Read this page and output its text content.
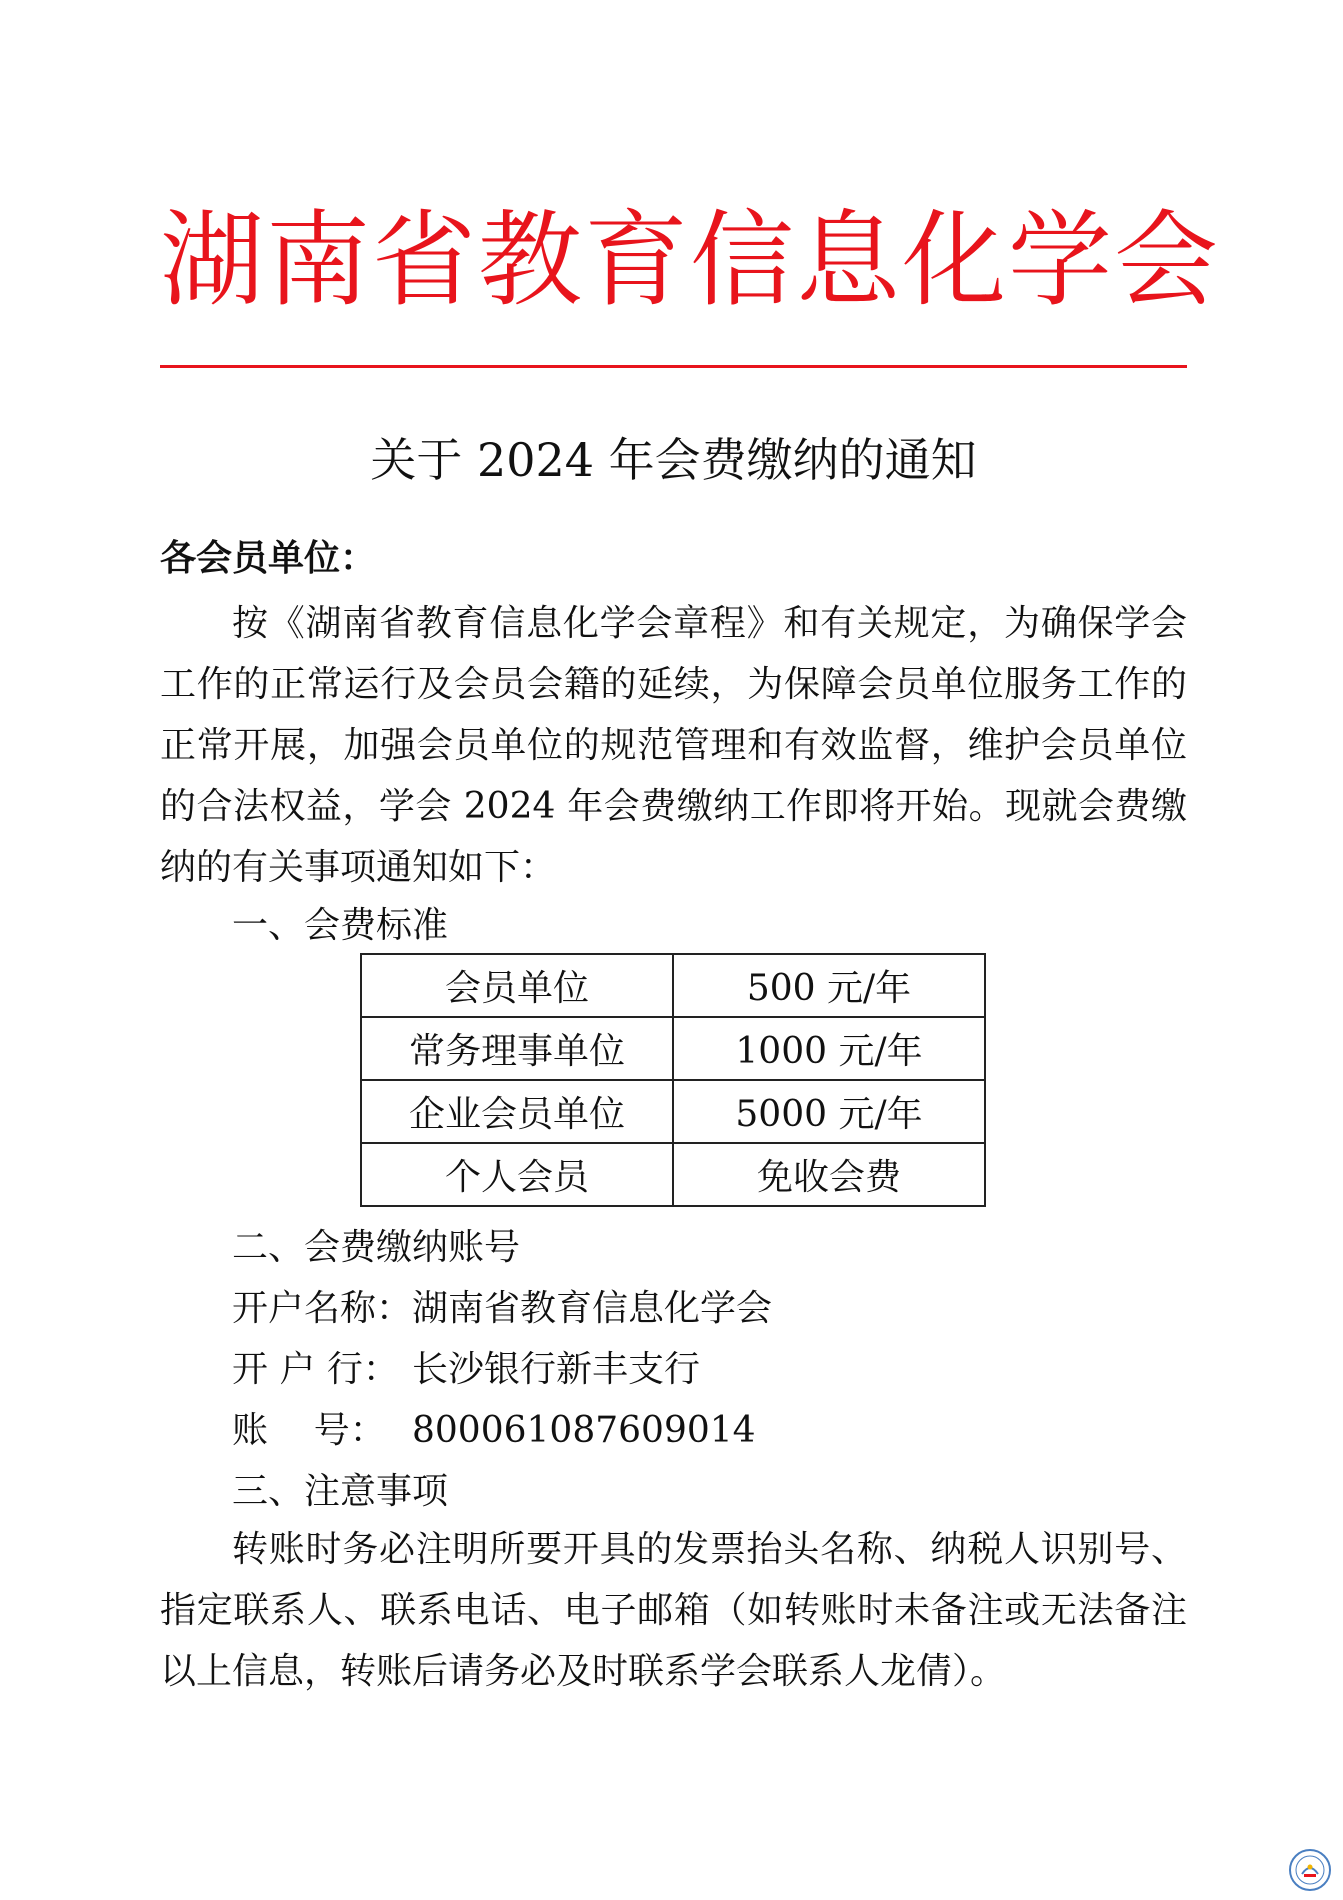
湖南省教育信息化学会
关于 2024 年会费缴纳的通知
各会员单位：
按《湖南省教育信息化学会章程》和有关规定，为确保学会工作的正常运行及会员会籍的延续，为保障会员单位服务工作的正常开展，加强会员单位的规范管理和有效监督，维护会员单位的合法权益，学会 2024 年会费缴纳工作即将开始。现就会费缴纳的有关事项通知如下：
一、会费标准
会员单位	500 元/年
常务理事单位	1000 元/年
企业会员单位	5000 元/年
个人会员	免收会费
二、会费缴纳账号
开户名称：湖南省教育信息化学会
开 户 行： 长沙银行新丰支行
账    号： 800061087609014
三、注意事项
转账时务必注明所要开具的发票抬头名称、纳税人识别号、指定联系人、联系电话、电子邮箱（如转账时未备注或无法备注以上信息，转账后请务必及时联系学会联系人龙倩）。
